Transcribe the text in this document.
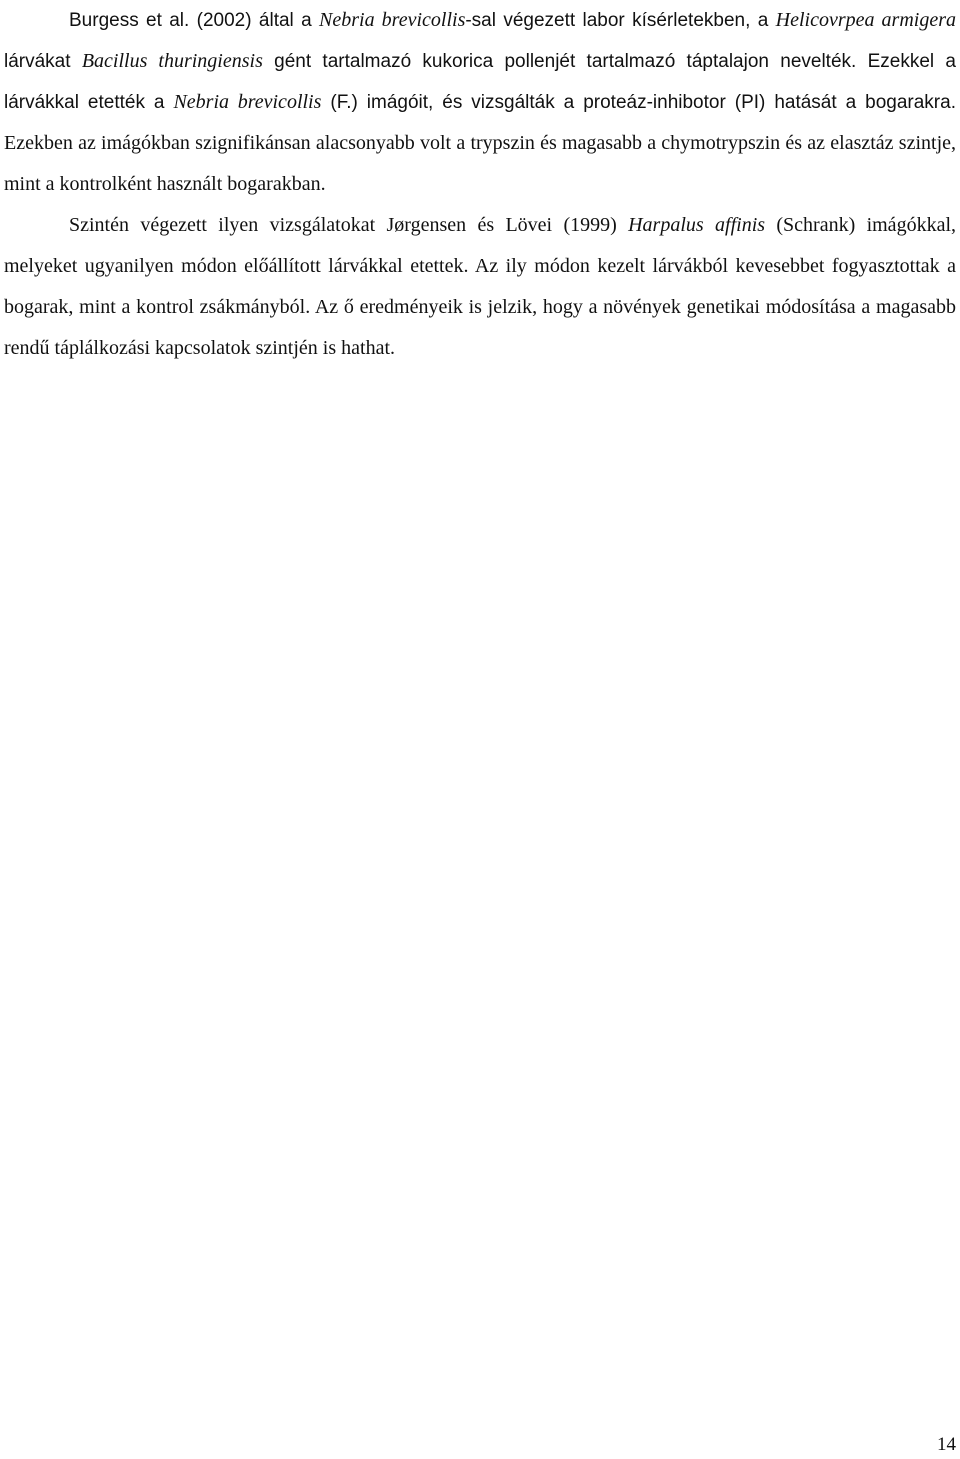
Burgess et al. (2002) által a Nebria brevicollis-sal végezett labor kísérletekben, a Helicovrpea armigera lárvákat Bacillus thuringiensis gént tartalmazó kukorica pollenjét tartalmazó táptalajon nevelték. Ezekkel a lárvákkal etették a Nebria brevicollis (F.) imágóit, és vizsgálták a proteáz-inhibotor (PI) hatását a bogarakra. Ezekben az imágókban szignifikánsan alacsonyabb volt a trypszin és magasabb a chymotrypszin és az elasztáz szintje, mint a kontrolként használt bogarakban.

Szintén végezett ilyen vizsgálatokat Jørgensen és Lövei (1999) Harpalus affinis (Schrank) imágókkal, melyeket ugyanilyen módon előállított lárvákkal etettek. Az ily módon kezelt lárvákból kevesebbet fogyasztottak a bogarak, mint a kontrol zsákmányból. Az ő eredményeik is jelzik, hogy a növények genetikai módosítása a magasabb rendű táplálkozási kapcsolatok szintjén is hathat.

14
